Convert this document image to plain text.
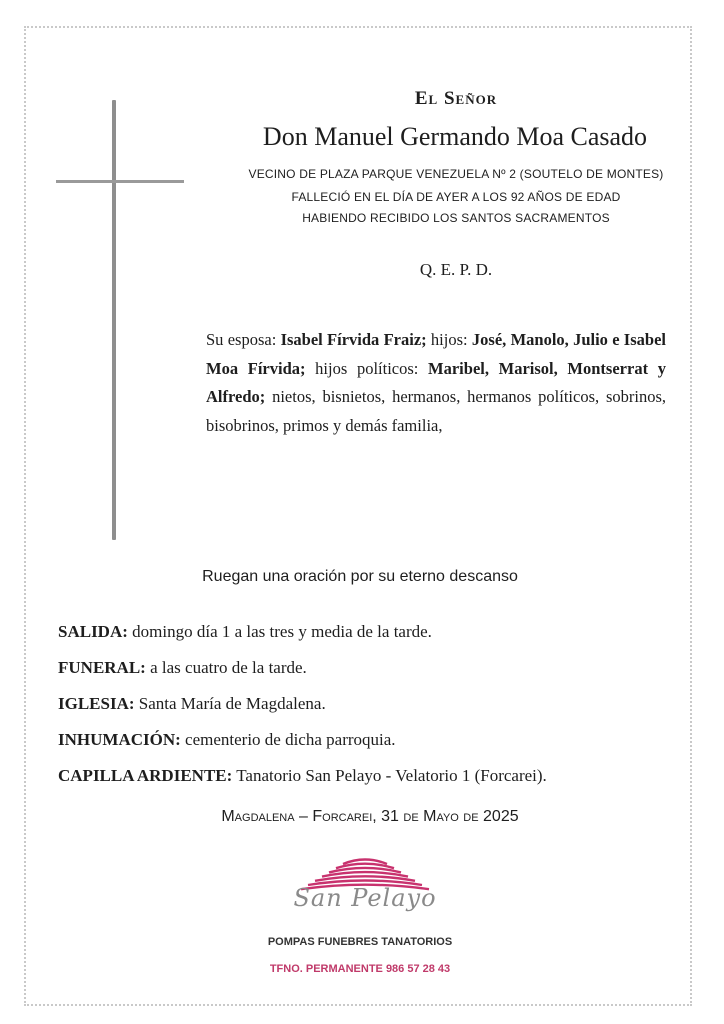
El Señor
Don Manuel Germando Moa Casado
VECINO DE PLAZA PARQUE VENEZUELA Nº 2 (SOUTELO DE MONTES)
FALLECIÓ EN EL DÍA DE AYER A LOS 92 AÑOS DE EDAD
HABIENDO RECIBIDO LOS SANTOS SACRAMENTOS
Q. E. P. D.
Su esposa: Isabel Fírvida Fraiz; hijos: José, Manolo, Julio e Isabel Moa Fírvida; hijos políticos: Maribel, Marisol, Montserrat y Alfredo; nietos, bisnietos, hermanos, hermanos políticos, sobrinos, bisobrinos, primos y demás familia,
Ruegan una oración por su eterno descanso
SALIDA: domingo día 1 a las tres y media de la tarde.
FUNERAL: a las cuatro de la tarde.
IGLESIA: Santa María de Magdalena.
INHUMACIÓN: cementerio de dicha parroquia.
CAPILLA ARDIENTE: Tanatorio San Pelayo - Velatorio 1 (Forcarei).
Magdalena – Forcarei, 31 de Mayo de 2025
San Pelayo
POMPAS FUNEBRES TANATORIOS
TFNO. PERMANENTE 986 57 28 43
